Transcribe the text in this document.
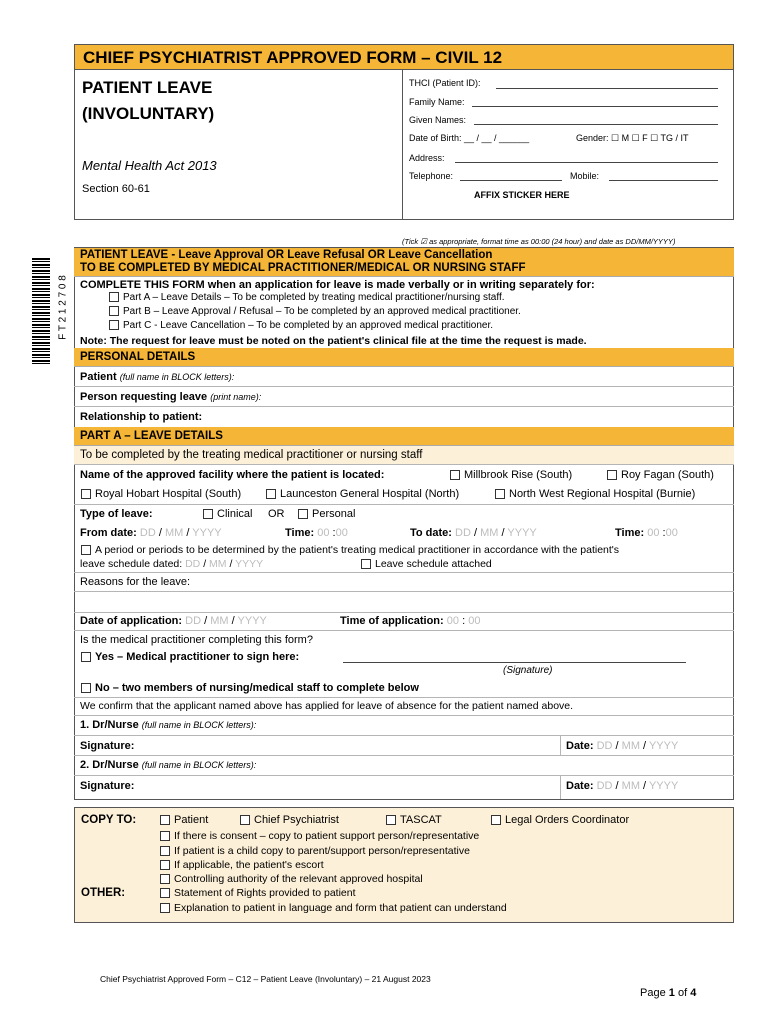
CHIEF PSYCHIATRIST APPROVED FORM – CIVIL 12
PATIENT LEAVE
(INVOLUNTARY)
Mental Health Act 2013
Section 60-61
THCI (Patient ID):
Family Name:
Given Names:
Date of Birth: __ / __ / ______	Gender: ☐ M ☐ F ☐ TG / IT
Address:
Telephone:	Mobile:
AFFIX STICKER HERE
(Tick ☑ as appropriate, format time as 00:00 (24 hour) and date as DD/MM/YYYY)
F T 2 1 2 7 0 8
PATIENT LEAVE - Leave Approval OR Leave Refusal OR Leave Cancellation
TO BE COMPLETED BY MEDICAL PRACTITIONER/MEDICAL OR NURSING STAFF
COMPLETE THIS FORM when an application for leave is made verbally or in writing separately for:
Part A – Leave Details – To be completed by treating medical practitioner/nursing staff.
Part B – Leave Approval / Refusal – To be completed by an approved medical practitioner.
Part C - Leave Cancellation – To be completed by an approved medical practitioner.
Note: The request for leave must be noted on the patient's clinical file at the time the request is made.
PERSONAL DETAILS
Patient (full name in BLOCK letters):
Person requesting leave (print name):
Relationship to patient:
PART A – LEAVE DETAILS
To be completed by the treating medical practitioner or nursing staff
Name of the approved facility where the patient is located:	Millbrook Rise (South)	Roy Fagan (South)
Royal Hobart Hospital (South)	Launceston General Hospital (North)	North West Regional Hospital (Burnie)
Type of leave:	Clinical OR	Personal
From date: DD / MM / YYYY	Time: 00 :00	To date: DD / MM / YYYY	Time: 00 :00
A period or periods to be determined by the patient's treating medical practitioner in accordance with the patient's
leave schedule dated: DD / MM / YYYY	Leave schedule attached
Reasons for the leave:
Date of application: DD / MM / YYYY	Time of application: 00 : 00
Is the medical practitioner completing this form?
Yes – Medical practitioner to sign here:
(Signature)
No – two members of nursing/medical staff to complete below
We confirm that the applicant named above has applied for leave of absence for the patient named above.
1. Dr/Nurse (full name in BLOCK letters):
Signature:	Date: DD / MM / YYYY
2. Dr/Nurse (full name in BLOCK letters):
Signature:	Date: DD / MM / YYYY
COPY TO:	Patient	Chief Psychiatrist	TASCAT	Legal Orders Coordinator
If there is consent – copy to patient support person/representative
If patient is a child copy to parent/support person/representative
If applicable, the patient's escort
Controlling authority of the relevant approved hospital
OTHER:	Statement of Rights provided to patient
Explanation to patient in language and form that patient can understand
Chief Psychiatrist Approved Form – C12 – Patient Leave (Involuntary) – 21 August 2023
Page 1 of 4
